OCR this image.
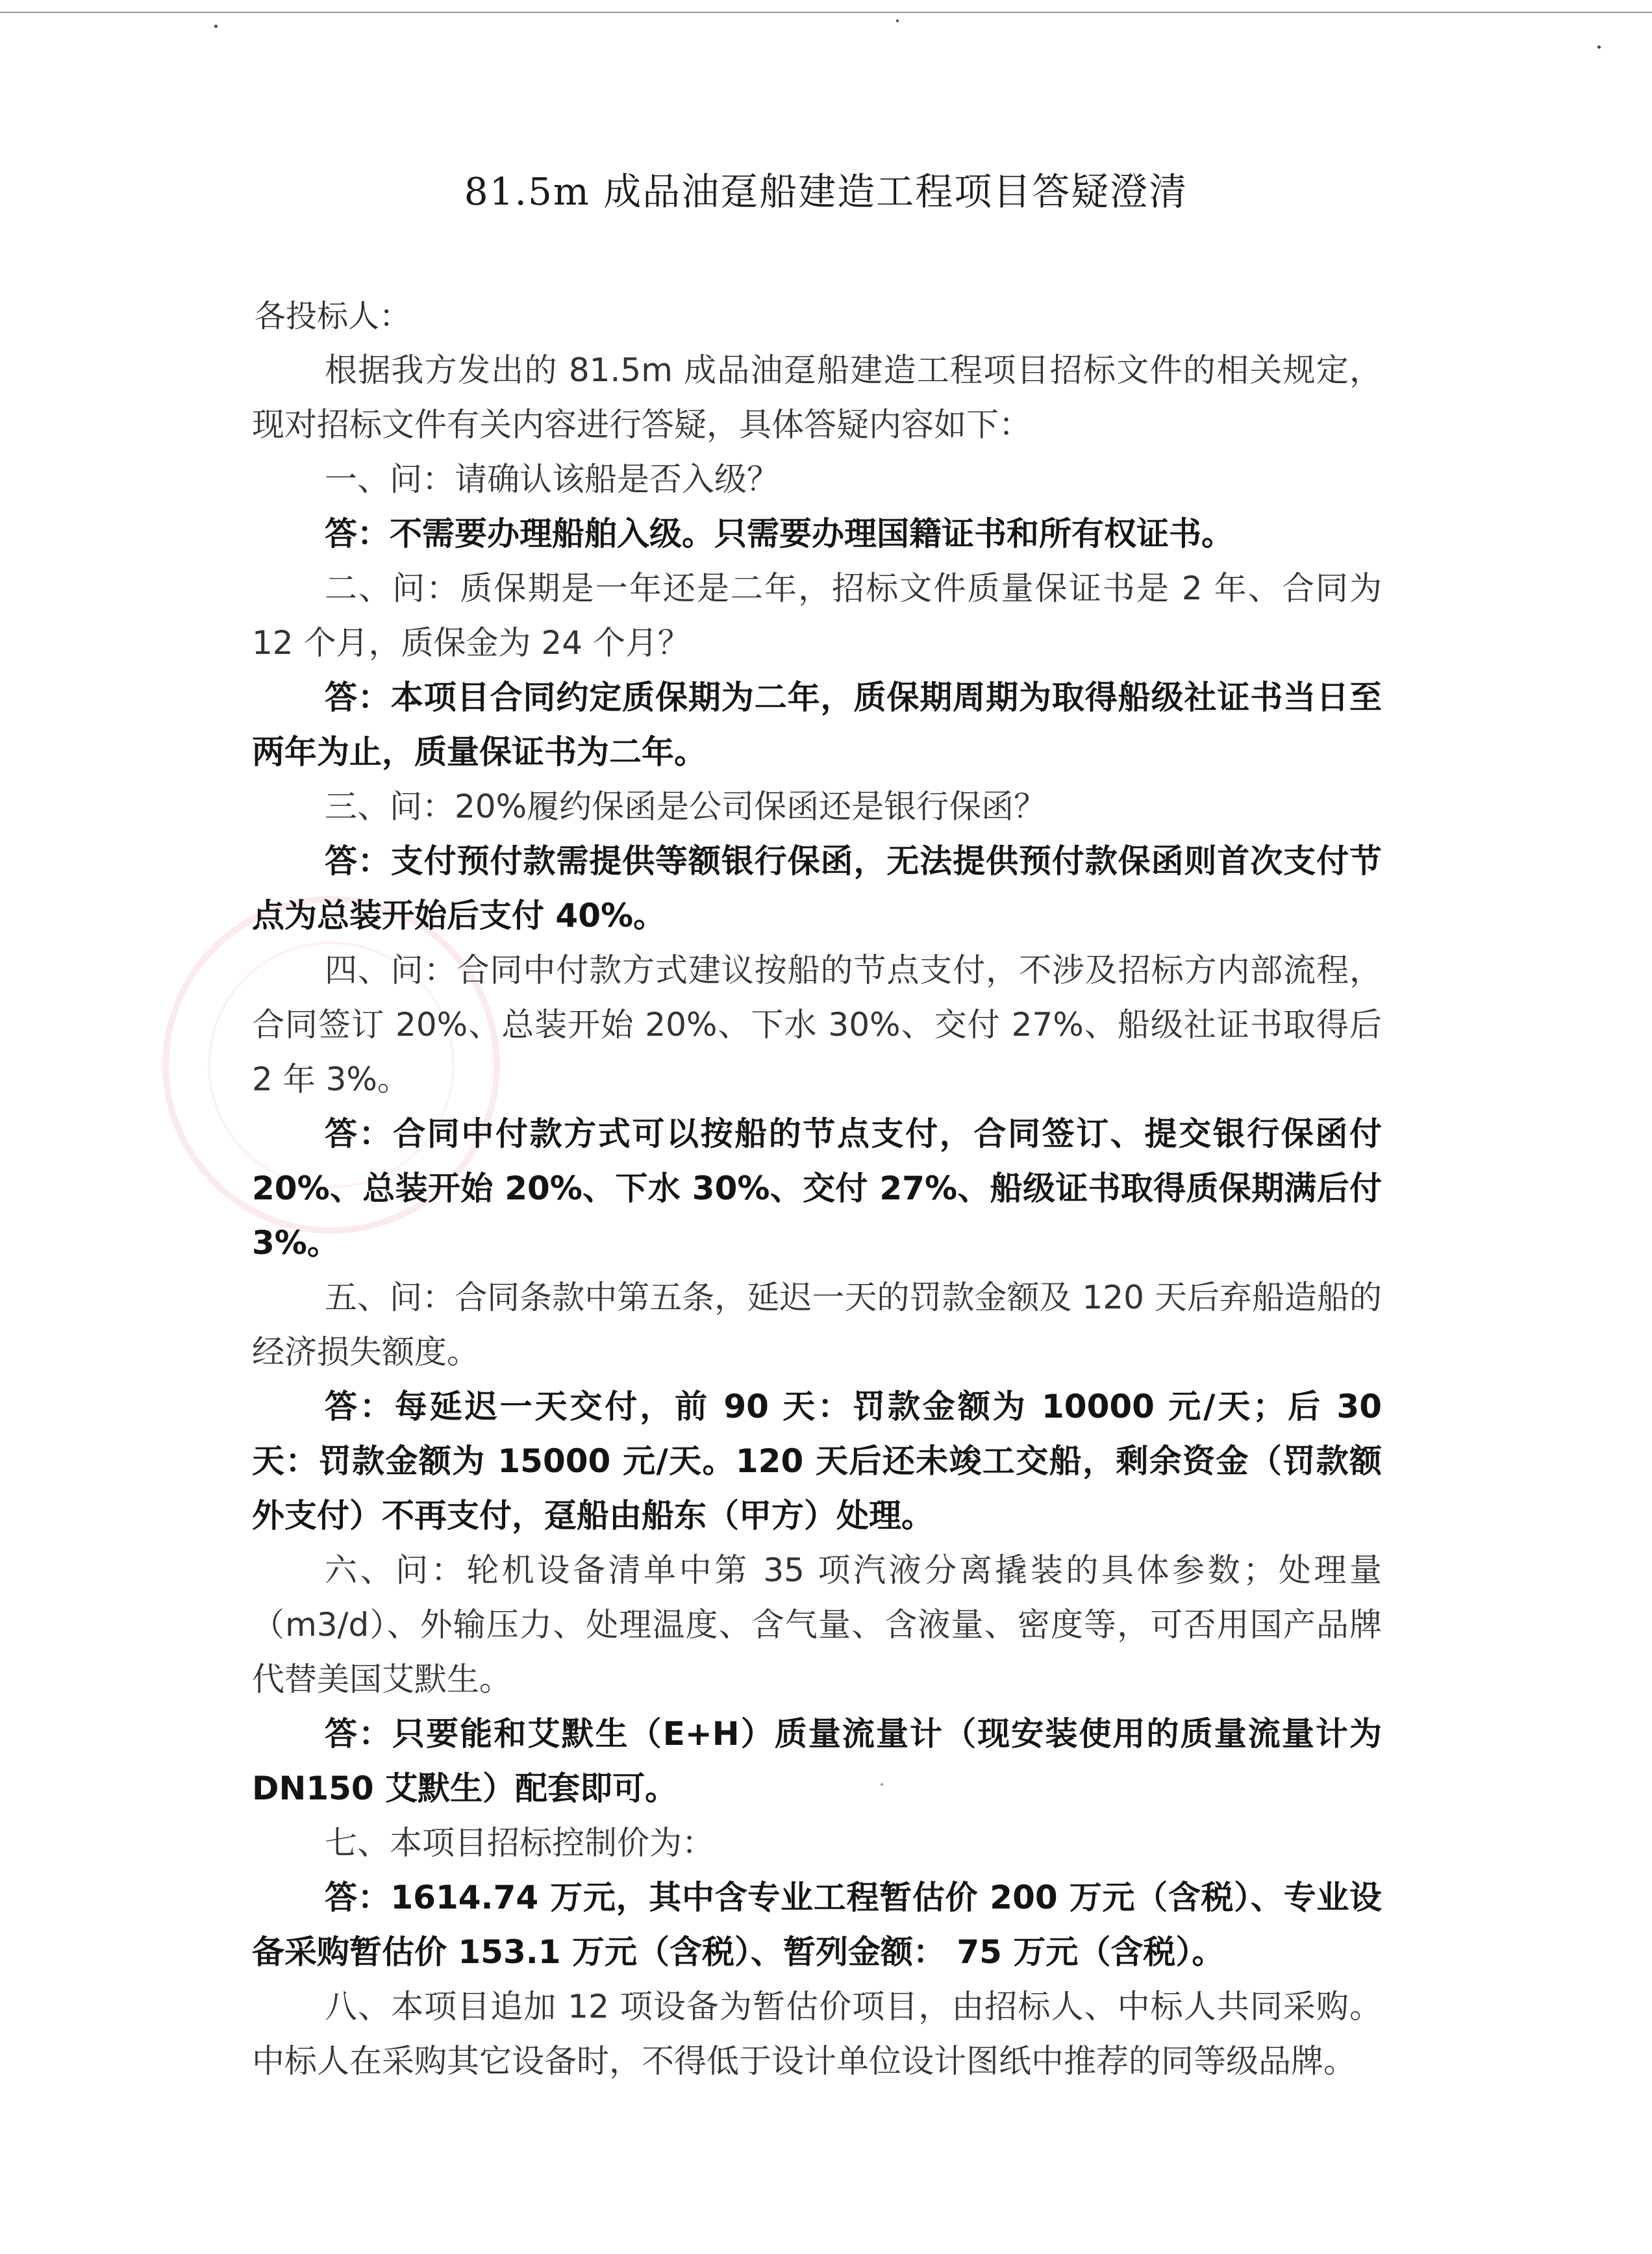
81.5m 成品油趸船建造工程项目答疑澄清
各投标人：

根据我方发出的 81.5m 成品油趸船建造工程项目招标文件的相关规定，现对招标文件有关内容进行答疑，具体答疑内容如下：

一、问：请确认该船是否入级？

答：不需要办理船舶入级。只需要办理国籍证书和所有权证书。

二、问：质保期是一年还是二年，招标文件质量保证书是 2 年、合同为 12 个月，质保金为 24 个月？

答：本项目合同约定质保期为二年，质保期周期为取得船级社证书当日至两年为止，质量保证书为二年。

三、问：20%履约保函是公司保函还是银行保函？

答：支付预付款需提供等额银行保函，无法提供预付款保函则首次支付节点为总装开始后支付 40%。

四、问：合同中付款方式建议按船的节点支付，不涉及招标方内部流程，合同签订 20%、总装开始 20%、下水 30%、交付 27%、船级社证书取得后 2 年 3%。

答：合同中付款方式可以按船的节点支付，合同签订、提交银行保函付 20%、总装开始 20%、下水 30%、交付 27%、船级证书取得质保期满后付 3%。

五、问：合同条款中第五条，延迟一天的罚款金额及 120 天后弃船造船的经济损失额度。

答：每延迟一天交付，前 90 天：罚款金额为 10000 元/天；后 30 天：罚款金额为 15000 元/天。120 天后还未竣工交船，剩余资金（罚款额外支付）不再支付，趸船由船东（甲方）处理。

六、问：轮机设备清单中第 35 项汽液分离撬装的具体参数；处理量（m3/d）、外输压力、处理温度、含气量、含液量、密度等，可否用国产品牌代替美国艾默生。

答：只要能和艾默生（E+H）质量流量计（现安装使用的质量流量计为 DN150 艾默生）配套即可。

七、本项目招标控制价为：

答：1614.74 万元，其中含专业工程暂估价 200 万元（含税）、专业设备采购暂估价 153.1 万元（含税）、暂列金额： 75 万元（含税）。

八、本项目追加 12 项设备为暂估价项目，由招标人、中标人共同采购。中标人在采购其它设备时，不得低于设计单位设计图纸中推荐的同等级品牌。
